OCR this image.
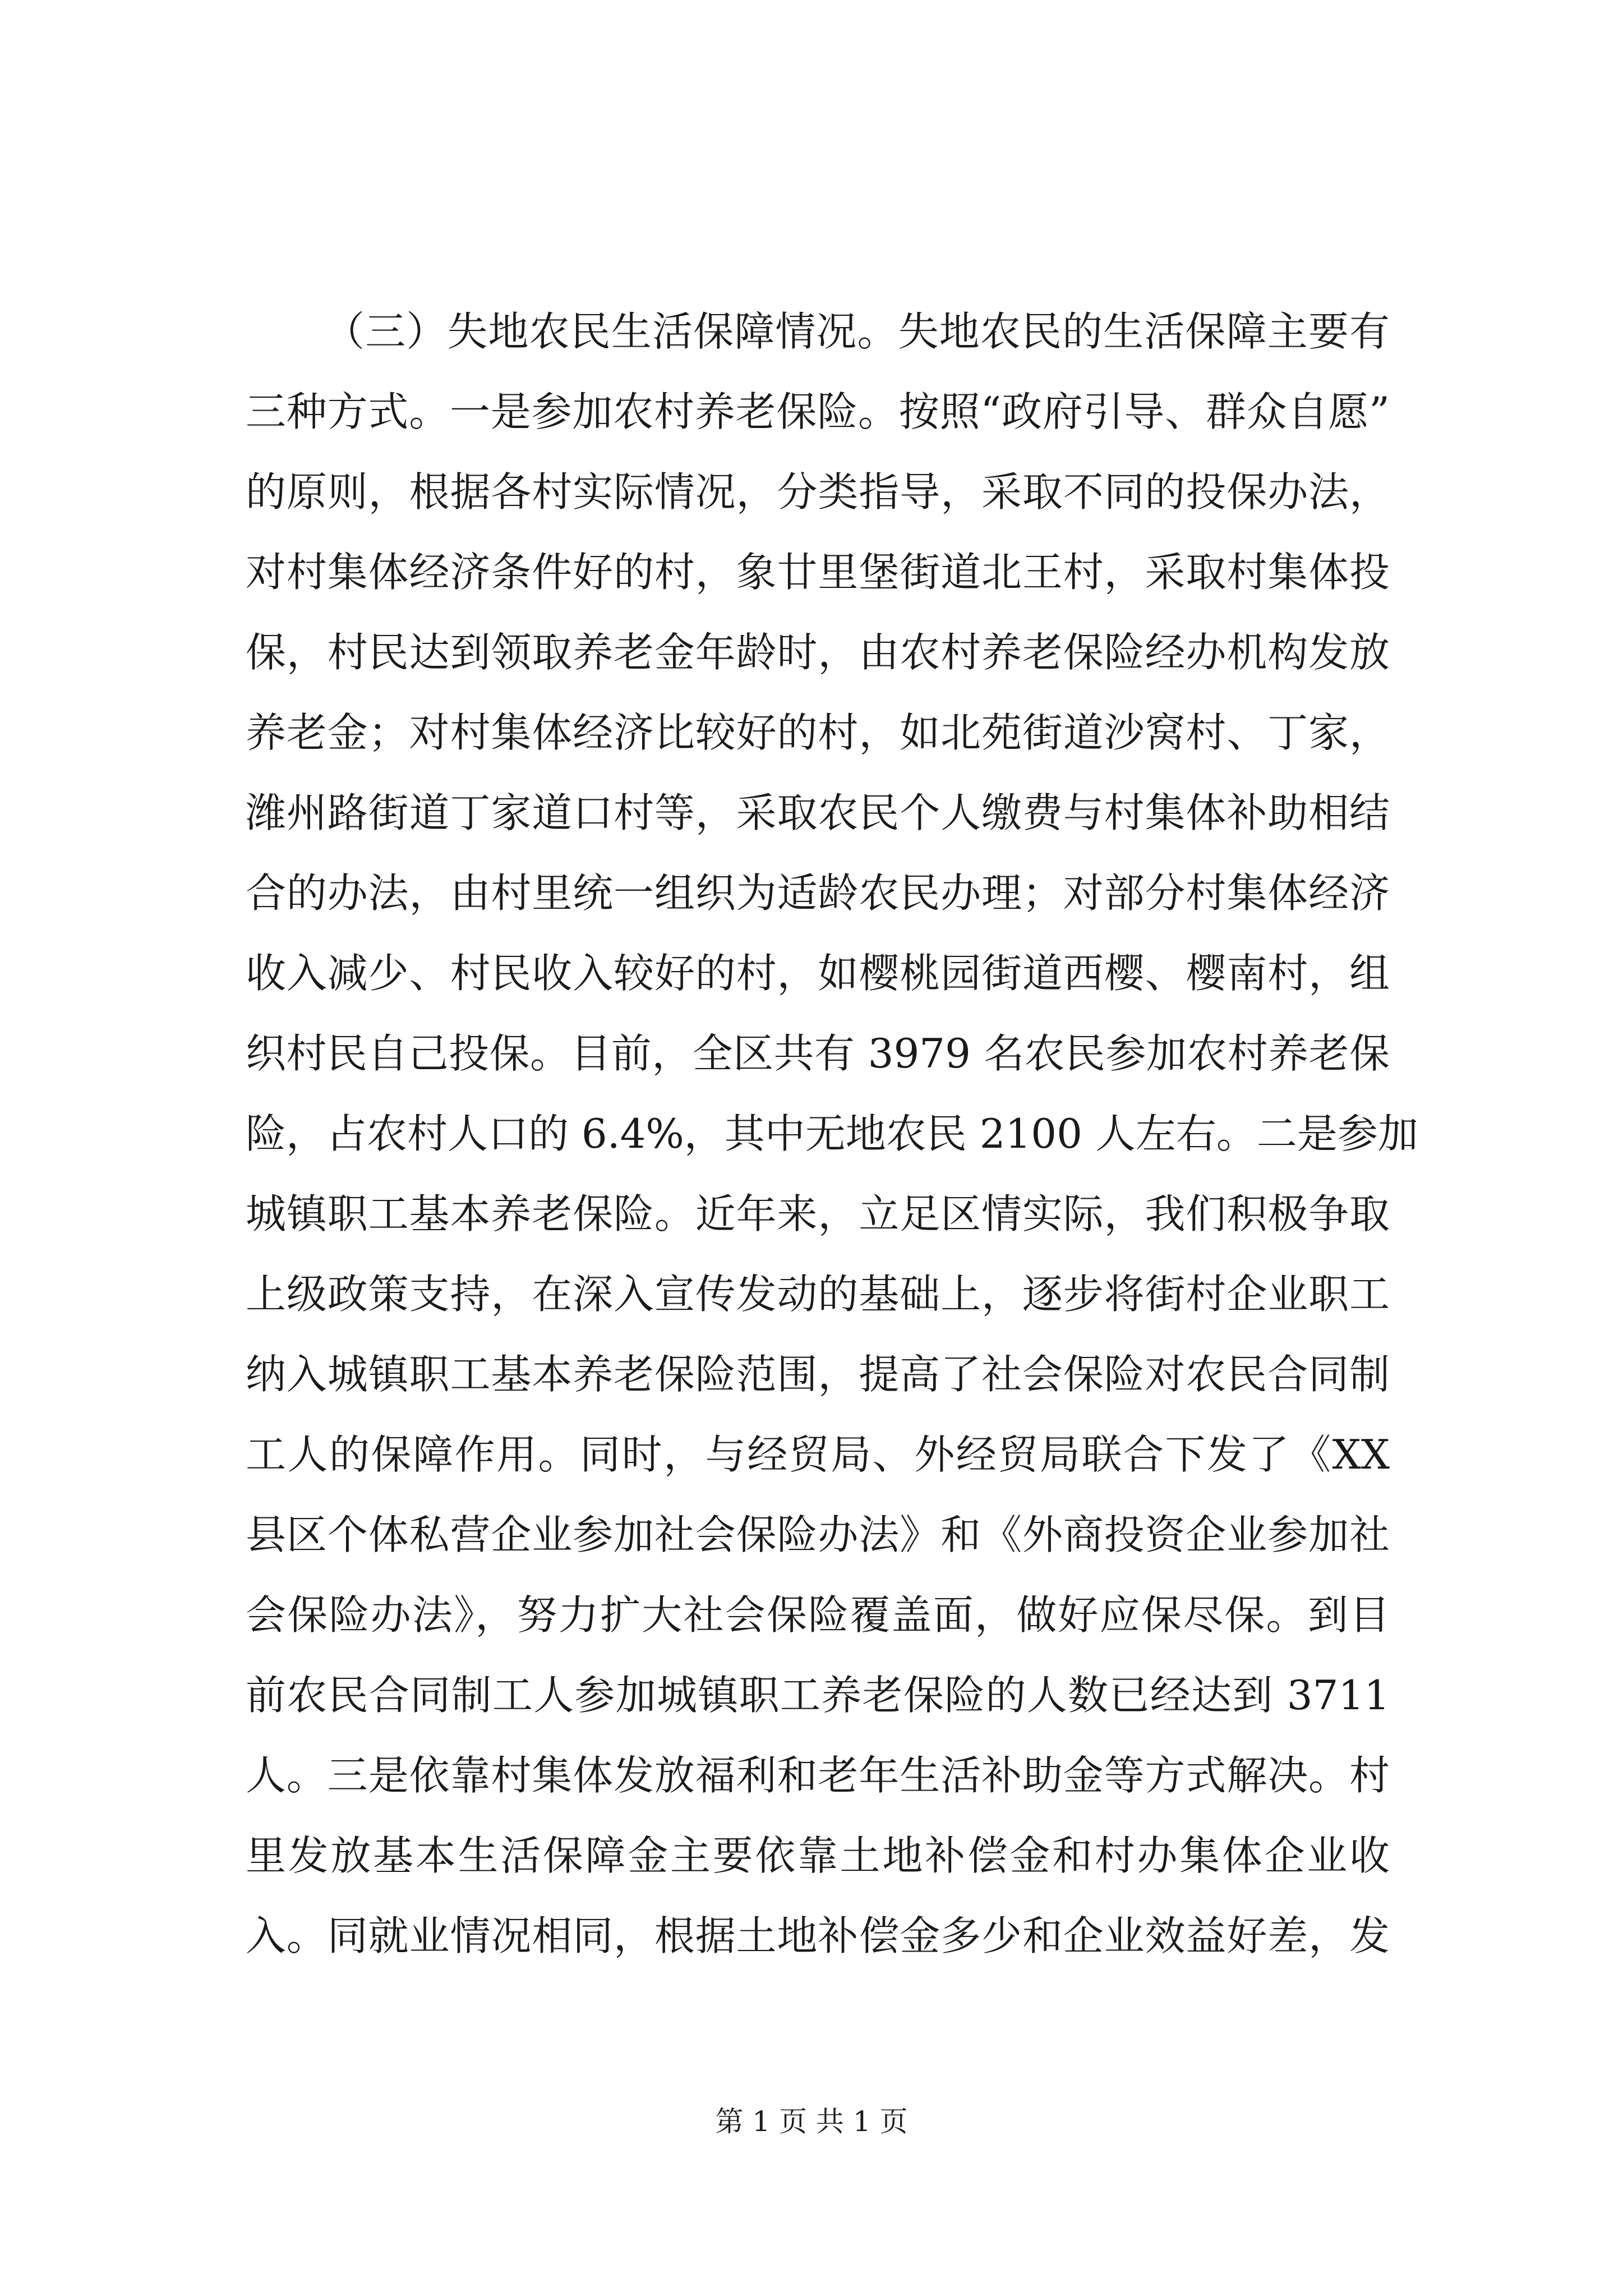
（三）失地农民生活保障情况。失地农民的生活保障主要有
三种方式。一是参加农村养老保险。按照“政府引导、群众自愿”
的原则，根据各村实际情况，分类指导，采取不同的投保办法，
对村集体经济条件好的村，象廿里堡街道北王村，采取村集体投
保，村民达到领取养老金年龄时，由农村养老保险经办机构发放
养老金；对村集体经济比较好的村，如北苑街道沙窝村、丁家，
潍州路街道丁家道口村等，采取农民个人缴费与村集体补助相结
合的办法，由村里统一组织为适龄农民办理；对部分村集体经济
收入减少、村民收入较好的村，如樱桃园街道西樱、樱南村，组
织村民自己投保。目前，全区共有 3979 名农民参加农村养老保
险，占农村人口的 6.4%，其中无地农民 2100 人左右。二是参加
城镇职工基本养老保险。近年来，立足区情实际，我们积极争取
上级政策支持，在深入宣传发动的基础上，逐步将街村企业职工
纳入城镇职工基本养老保险范围，提高了社会保险对农民合同制
工人的保障作用。同时，与经贸局、外经贸局联合下发了《XX
县区个体私营企业参加社会保险办法》和《外商投资企业参加社
会保险办法》，努力扩大社会保险覆盖面，做好应保尽保。到目
前农民合同制工人参加城镇职工养老保险的人数已经达到 3711
人。三是依靠村集体发放福利和老年生活补助金等方式解决。村
里发放基本生活保障金主要依靠土地补偿金和村办集体企业收
入。同就业情况相同，根据土地补偿金多少和企业效益好差，发
第 1 页 共 1 页
